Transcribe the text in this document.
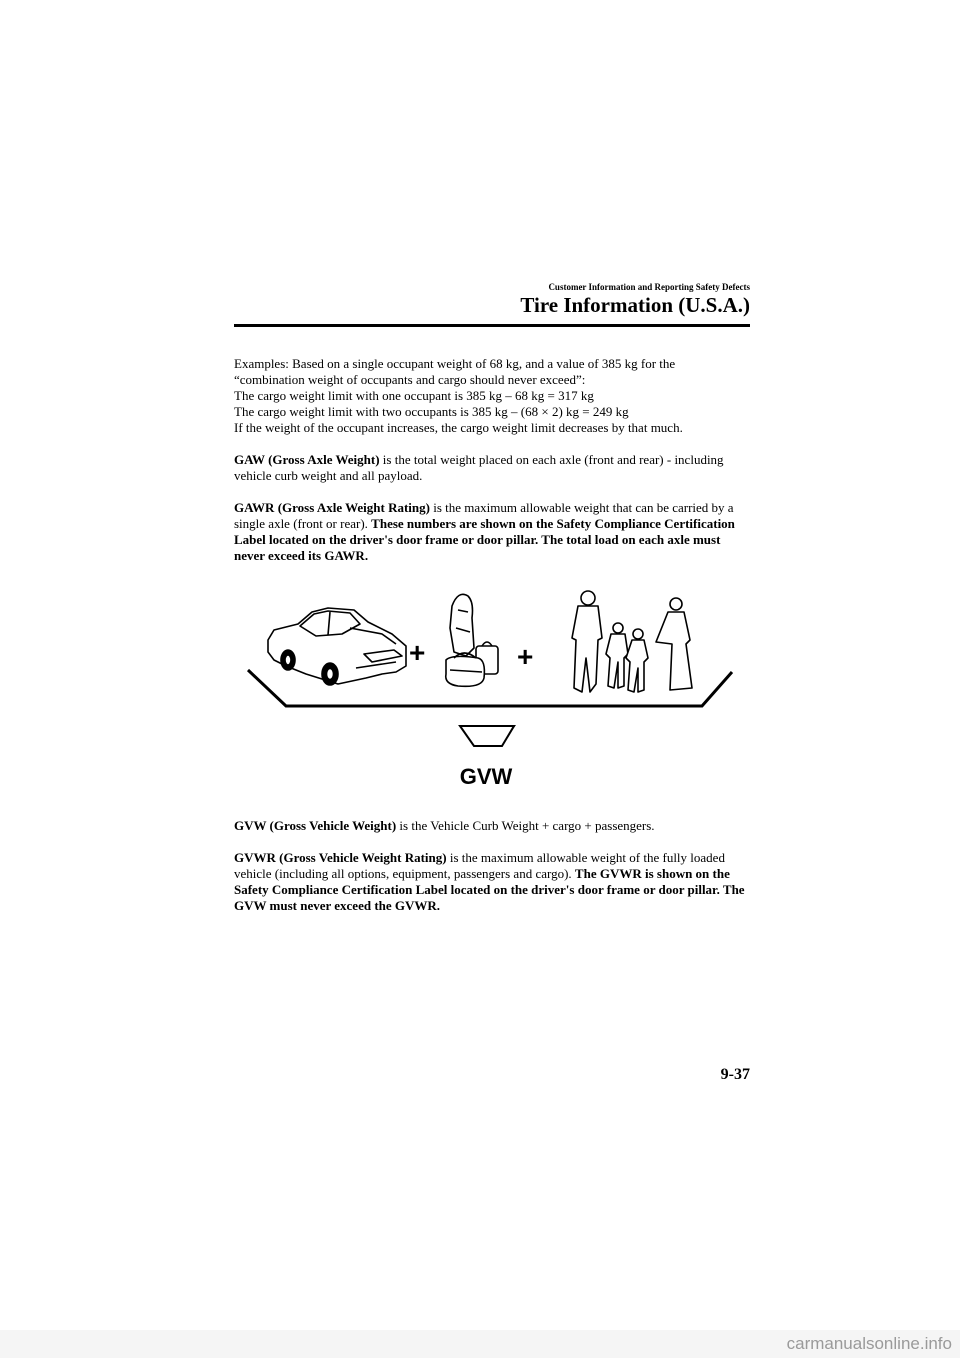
Customer Information and Reporting Safety Defects
Tire Information (U.S.A.)

Examples: Based on a single occupant weight of 68 kg, and a value of 385 kg for the
“combination weight of occupants and cargo should never exceed”:
The cargo weight limit with one occupant is 385 kg – 68 kg = 317 kg
The cargo weight limit with two occupants is 385 kg – (68 × 2) kg = 249 kg
If the weight of the occupant increases, the cargo weight limit decreases by that much.

GAW (Gross Axle Weight) is the total weight placed on each axle (front and rear) - including vehicle curb weight and all payload.

GAWR (Gross Axle Weight Rating) is the maximum allowable weight that can be carried by a single axle (front or rear). These numbers are shown on the Safety Compliance Certification Label located on the driver's door frame or door pillar. The total load on each axle must never exceed its GAWR.

+	+
GVW

GVW (Gross Vehicle Weight) is the Vehicle Curb Weight + cargo + passengers.

GVWR (Gross Vehicle Weight Rating) is the maximum allowable weight of the fully loaded vehicle (including all options, equipment, passengers and cargo). The GVWR is shown on the Safety Compliance Certification Label located on the driver's door frame or door pillar. The GVW must never exceed the GVWR.

9-37
carmanualsonline.info
